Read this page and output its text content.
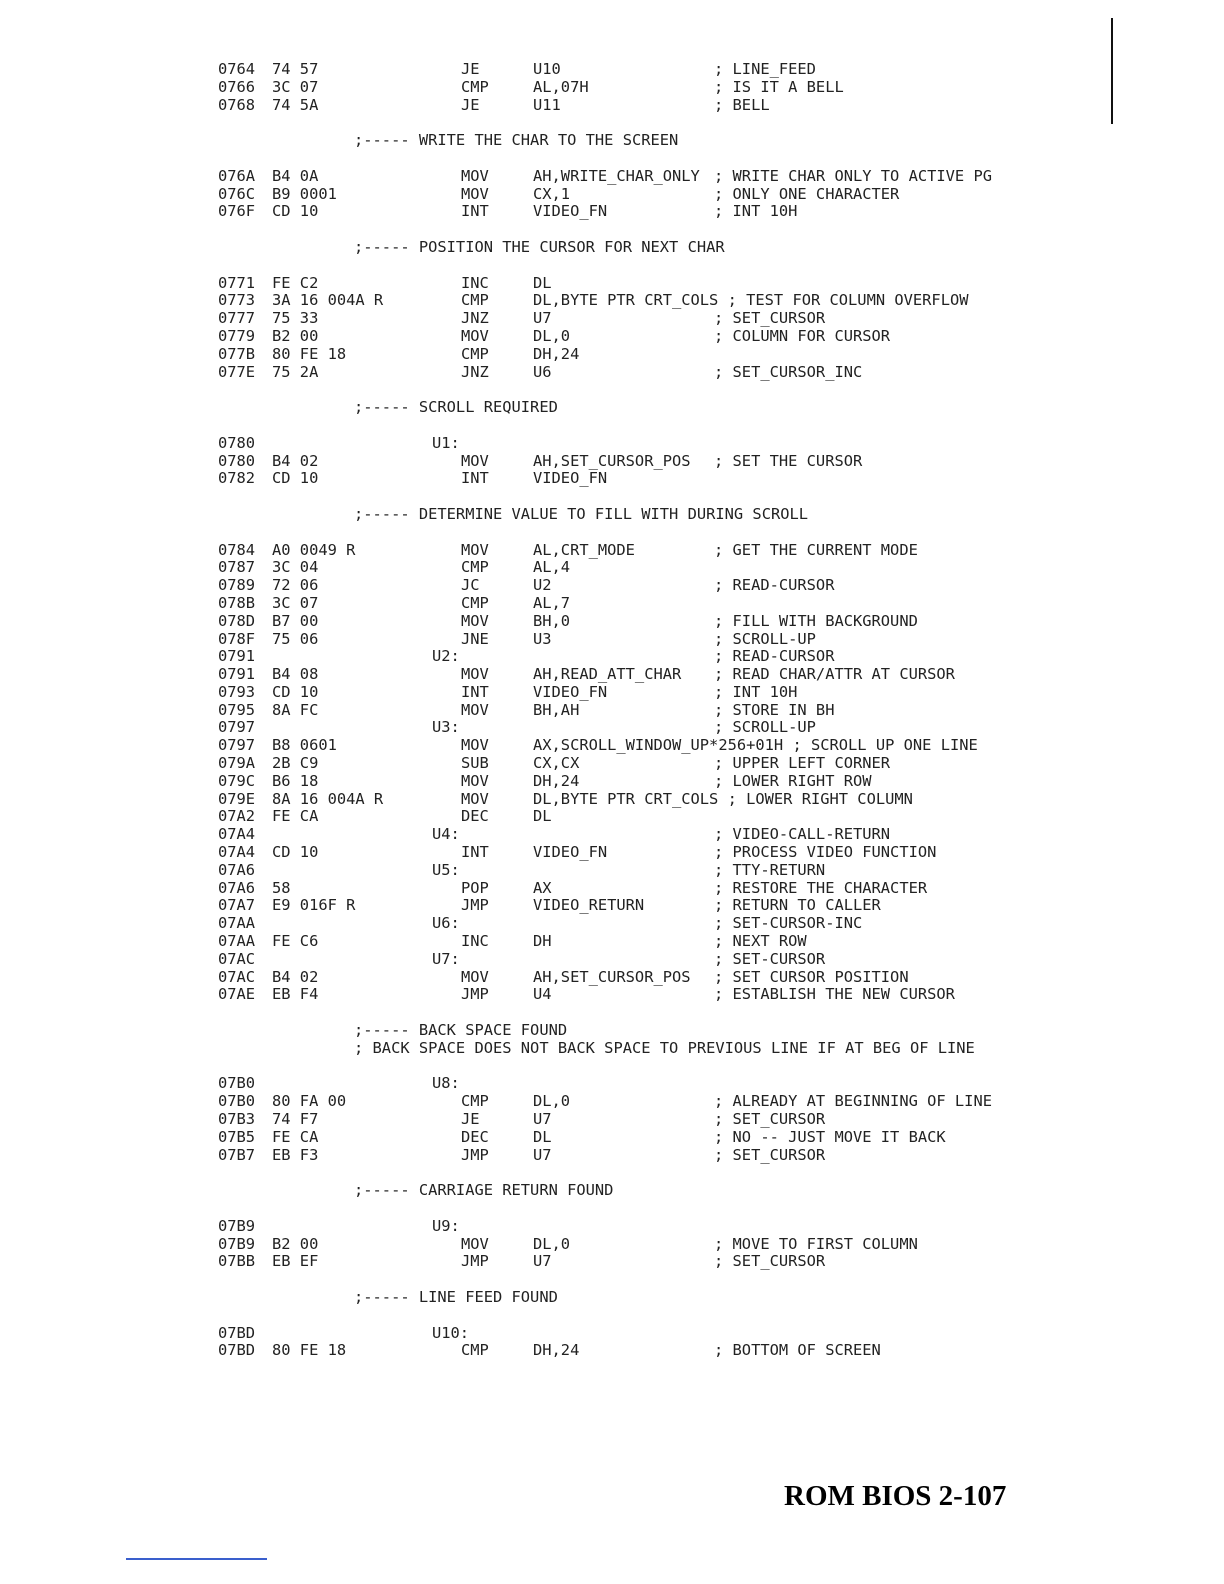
0764 74 57	JE	U10	; LINE_FEED
0766 3C 07	CMP	AL,07H	; IS IT A BELL
0768 74 5A	JE	U11	; BELL
;----- WRITE THE CHAR TO THE SCREEN
076A B4 0A	MOV	AH,WRITE_CHAR_ONLY ; WRITE CHAR ONLY TO ACTIVE PG
076C B9 0001	MOV	CX,1	; ONLY ONE CHARACTER
076F CD 10	INT	VIDEO_FN	; INT 10H
;----- POSITION THE CURSOR FOR NEXT CHAR
0771 FE C2	INC	DL
0773 3A 16 004A R	CMP	DL,BYTE PTR CRT_COLS ; TEST FOR COLUMN OVERFLOW
0777 75 33	JNZ	U7	; SET_CURSOR
0779 B2 00	MOV	DL,0	; COLUMN FOR CURSOR
077B 80 FE 18	CMP	DH,24
077E 75 2A	JNZ	U6	; SET_CURSOR_INC
;----- SCROLL REQUIRED
0780	U1:
0780 B4 02	MOV	AH,SET_CURSOR_POS ; SET THE CURSOR
0782 CD 10	INT	VIDEO_FN
;----- DETERMINE VALUE TO FILL WITH DURING SCROLL
0784 A0 0049 R	MOV	AL,CRT_MODE	; GET THE CURRENT MODE
0787 3C 04	CMP	AL,4
0789 72 06	JC	U2	; READ-CURSOR
078B 3C 07	CMP	AL,7
078D B7 00	MOV	BH,0	; FILL WITH BACKGROUND
078F 75 06	JNE	U3	; SCROLL-UP
0791	U2:	; READ-CURSOR
0791 B4 08	MOV	AH,READ_ATT_CHAR ; READ CHAR/ATTR AT CURSOR
0793 CD 10	INT	VIDEO_FN	; INT 10H
0795 8A FC	MOV	BH,AH	; STORE IN BH
0797	U3:	; SCROLL-UP
0797 B8 0601	MOV	AX,SCROLL_WINDOW_UP*256+01H ; SCROLL UP ONE LINE
079A 2B C9	SUB	CX,CX	; UPPER LEFT CORNER
079C B6 18	MOV	DH,24	; LOWER RIGHT ROW
079E 8A 16 004A R	MOV	DL,BYTE PTR CRT_COLS ; LOWER RIGHT COLUMN
07A2 FE CA	DEC	DL
07A4	U4:	; VIDEO-CALL-RETURN
07A4 CD 10	INT	VIDEO_FN	; PROCESS VIDEO FUNCTION
07A6	U5:	; TTY-RETURN
07A6 58	POP	AX	; RESTORE THE CHARACTER
07A7 E9 016F R	JMP	VIDEO_RETURN	; RETURN TO CALLER
07AA	U6:	; SET-CURSOR-INC
07AA FE C6	INC	DH	; NEXT ROW
07AC	U7:	; SET-CURSOR
07AC B4 02	MOV	AH,SET_CURSOR_POS ; SET CURSOR POSITION
07AE EB F4	JMP	U4	; ESTABLISH THE NEW CURSOR
;----- BACK SPACE FOUND
; BACK SPACE DOES NOT BACK SPACE TO PREVIOUS LINE IF AT BEG OF LINE
07B0	U8:
07B0 80 FA 00	CMP	DL,0	; ALREADY AT BEGINNING OF LINE
07B3 74 F7	JE	U7	; SET_CURSOR
07B5 FE CA	DEC	DL	; NO -- JUST MOVE IT BACK
07B7 EB F3	JMP	U7	; SET_CURSOR
;----- CARRIAGE RETURN FOUND
07B9	U9:
07B9 B2 00	MOV	DL,0	; MOVE TO FIRST COLUMN
07BB EB EF	JMP	U7	; SET_CURSOR
;----- LINE FEED FOUND
07BD	U10:
07BD 80 FE 18	CMP	DH,24	; BOTTOM OF SCREEN
ROM BIOS 2-107
